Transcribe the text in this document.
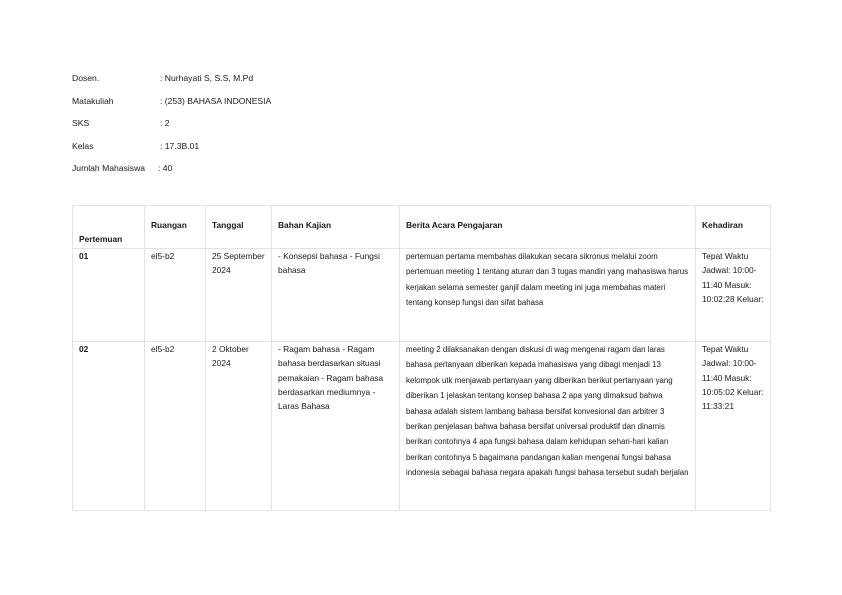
Dosen.	: Nurhayati S, S.S, M.Pd
Matakuliah	: (253) BAHASA INDONESIA
SKS	: 2
Kelas	: 17.3B.01
Jumlah Mahasiswa : 40
Pertemuan	Ruangan	Tanggal	Bahan Kajian	Berita Acara Pengajaran	Kehadiran
01	el5-b2	25 September 2024	- Konsepsi bahasa - Fungsi bahasa	pertemuan pertama membahas dilakukan secara sikronus melalui zoom pertemuan meeting 1 tentang aturan dan 3 tugas mandiri yang mahasiswa harus kerjakan selama semester ganjil dalam meeting ini juga membahas materi tentang konsep fungsi dan sifat bahasa	Tepat Waktu Jadwal: 10:00-11:40 Masuk: 10:02:28 Keluar:
02	el5-b2	2 Oktober 2024	- Ragam bahasa - Ragam bahasa berdasarkan situasi pemakaian - Ragam bahasa berdasarkan mediumnya - Laras Bahasa	meeting 2 dilaksanakan dengan diskusi di wag mengenai ragam dan laras bahasa pertanyaan diberikan kepada mahasiswa yang dibagi menjadi 13 kelompok utk menjawab pertanyaan yang diberikan berikut pertanyaan yang diberikan 1 jelaskan tentang konsep bahasa 2 apa yang dimaksud bahwa bahasa adalah sistem lambang bahasa bersifat konvesional dan arbitrer 3 berikan penjelasan bahwa bahasa bersifat universal produktif dan dinamis berikan contohnya 4 apa fungsi bahasa dalam kehidupan sehari-hari kalian berikan contohnya 5 bagaimana pandangan kalian mengenai fungsi bahasa indonesia sebagai bahasa negara apakah fungsi bahasa tersebut sudah berjalan	Tepat Waktu Jadwal: 10:00-11:40 Masuk: 10:05:02 Keluar: 11:33:21
